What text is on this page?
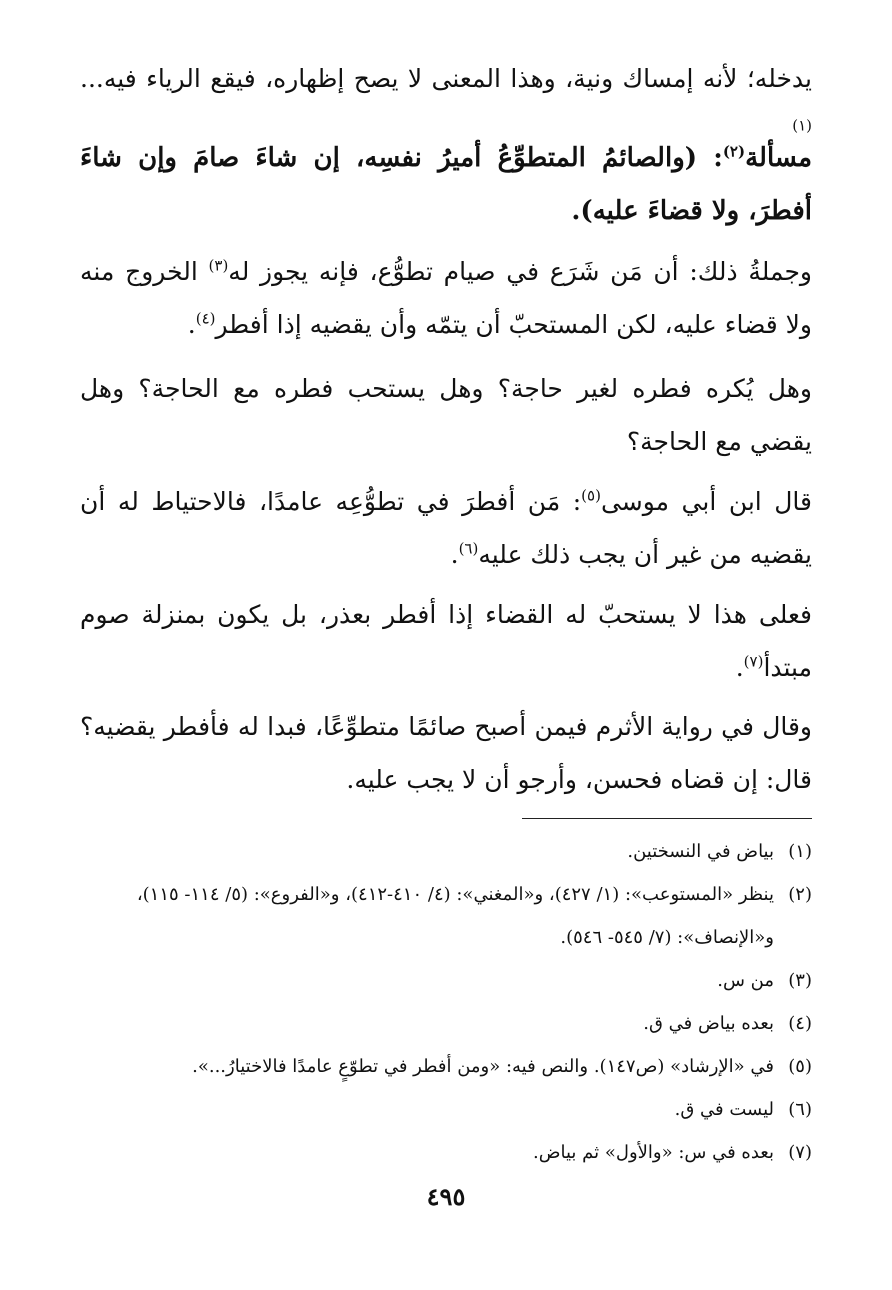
يدخله؛ لأنه إمساك ونية، وهذا المعنى لا يصح إظهاره، فيقع الرياء فيه...$^{(١)}$

مسألة$^{(٢)}$: (والصائمُ المتطوِّعُ أميرُ نفسِه، إن شاءَ صامَ وإن شاءَ أفطرَ، ولا قضاءَ عليه).

وجملةُ ذلك: أن مَن شَرَع في صيام تطوُّع، فإنه يجوز له$^{(٣)}$ الخروج منه ولا قضاء عليه، لكن المستحبّ أن يتمّه وأن يقضيه إذا أفطر$^{(٤)}$.

وهل يُكره فطره لغير حاجة؟ وهل يستحب فطره مع الحاجة؟ وهل يقضي مع الحاجة؟

قال ابن أبي موسى$^{(٥)}$: مَن أفطرَ في تطوُّعِه عامدًا، فالاحتياط له أن يقضيه من غير أن يجب ذلك عليه$^{(٦)}$.

فعلى هذا لا يستحبّ له القضاء إذا أفطر بعذر، بل يكون بمنزلة صوم مبتدأ$^{(٧)}$.

وقال في رواية الأثرم فيمن أصبح صائمًا متطوِّعًا، فبدا له فأفطر يقضيه؟ قال: إن قضاه فحسن، وأرجو أن لا يجب عليه.

(١)
بياض في النسختين.
(٢)
ينظر «المستوعب»: (١/ ٤٢٧)، و«المغني»: (٤/ ٤١٠-٤١٢)، و«الفروع»: (٥/ ١١٤- ١١٥)، و«الإنصاف»: (٧/ ٥٤٥- ٥٤٦).
(٣)
من س.
(٤)
بعده بياض في ق.
(٥)
في «الإرشاد» (ص١٤٧). والنص فيه: «ومن أفطر في تطوّعٍ عامدًا فالاختيارُ...».
(٦)
ليست في ق.
(٧)
بعده في س: «والأول» ثم بياض.
٤٩٥
